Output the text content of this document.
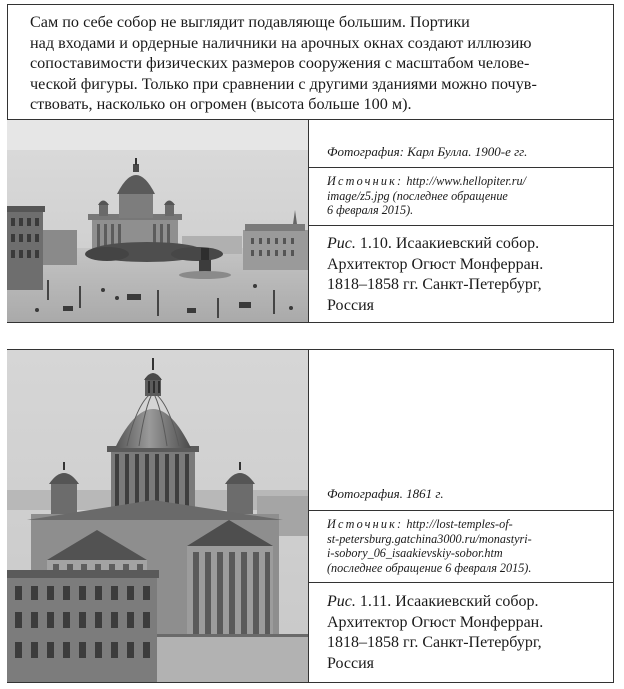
Сам по себе собор не выглядит подавляюще большим. Портики

над входами и ордерные наличники на арочных окнах создают иллюзию

сопоставимости физических размеров сооружения с масштабом челове-

ческой фигуры. Только при сравнении с другими зданиями можно почув-

ствовать, насколько он огромен (высота больше 100 м).

Фотография: Карл Булла. 1900-е гг.
Источник: http://www.hellopiter.ru/
image/z5.jpg (последнее обращение
6 февраля 2015).
Рис. 1.10. Исаакиевский собор.
Архитектор Огюст Монферран.
1818–1858 гг. Санкт-Петербург,
Россия
Фотография. 1861 г.
Источник: http://lost-temples-of-
st-petersburg.gatchina3000.ru/monastyri-
i-sobory_06_isaakievskiy-sobor.htm
(последнее обращение 6 февраля 2015).
Рис. 1.11. Исаакиевский собор.
Архитектор Огюст Монферран.
1818–1858 гг. Санкт-Петербург,
Россия
